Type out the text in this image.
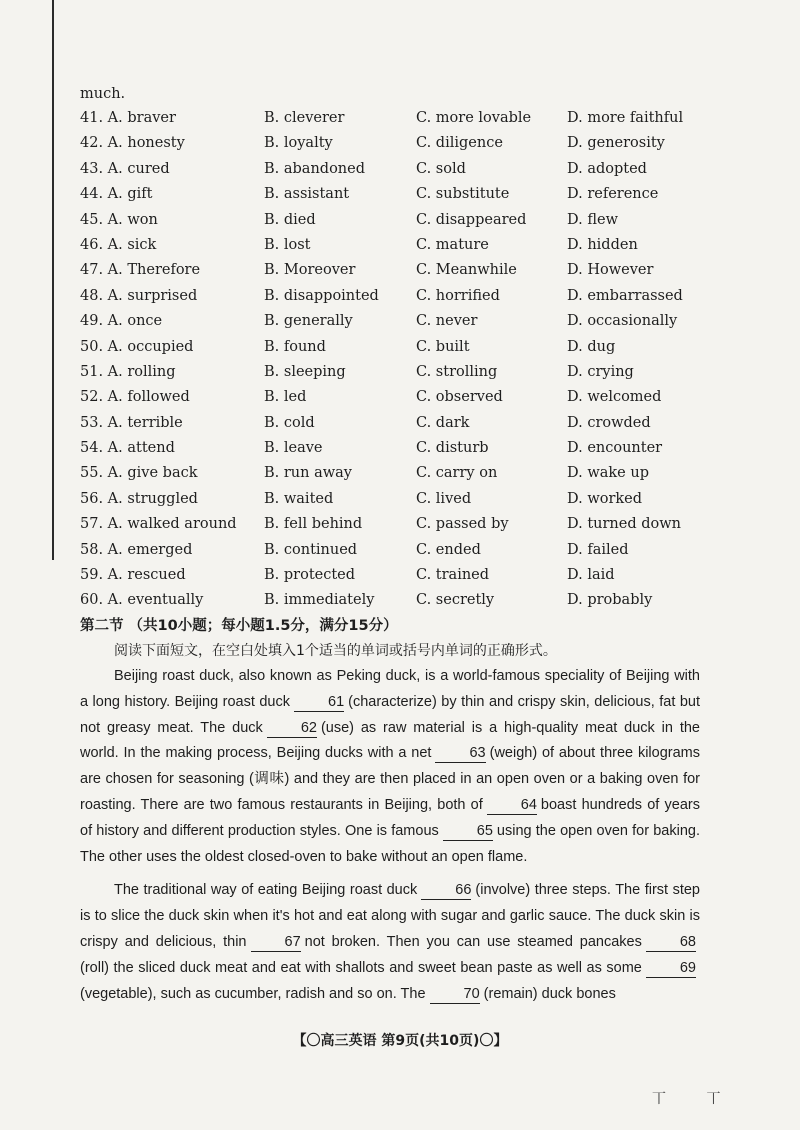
much.
41. A. braver	B. cleverer	C. more lovable D. more faithful
42. A. honesty	B. loyalty	C. diligence	D. generosity
43. A. cured	B. abandoned	C. sold	D. adopted
44. A. gift	B. assistant	C. substitute	D. reference
45. A. won	B. died	C. disappeared	D. flew
46. A. sick	B. lost	C. mature	D. hidden
47. A. Therefore	B. Moreover	C. Meanwhile	D. However
48. A. surprised	B. disappointed	C. horrified	D. embarrassed
49. A. once	B. generally	C. never	D. occasionally
50. A. occupied	B. found	C. built	D. dug
51. A. rolling	B. sleeping	C. strolling	D. crying
52. A. followed	B. led	C. observed	D. welcomed
53. A. terrible	B. cold	C. dark	D. crowded
54. A. attend	B. leave	C. disturb	D. encounter
55. A. give back	B. run away	C. carry on	D. wake up
56. A. struggled	B. waited	C. lived	D. worked
57. A. walked around B. fell behind	C. passed by	D. turned down
58. A. emerged	B. continued	C. ended	D. failed
59. A. rescued	B. protected	C. trained	D. laid
60. A. eventually	B. immediately	C. secretly	D. probably
第二节 （共10小题；每小题1.5分，满分15分）
阅读下面短文，在空白处填入1个适当的单词或括号内单词的正确形式。

Beijing roast duck, also known as Peking duck, is a world-famous speciality of Beijing with a long history. Beijing roast duck	61 (characterize) by thin and crispy skin, delicious, fat but not greasy meat. The duck	62 (use) as raw material is a high-quality meat duck in the world. In the making process, Beijing ducks with a net	63 (weigh) of about three kilograms are chosen for seasoning (调味) and they are then placed in an open oven or a baking oven for roasting. There are two famous restaurants in Beijing, both of	64 boast hundreds of years of history and different production styles. One is famous	65 using the open oven for baking. The other uses the oldest closed-oven to bake without an open flame.

The traditional way of eating Beijing roast duck	66 (involve) three steps. The first step is to slice the duck skin when it's hot and eat along with sugar and garlic sauce. The duck skin is crispy and delicious, thin	67 not broken. Then you can use steamed pancakes	68(roll) the sliced duck meat and eat with shallots and sweet bean paste as well as some	69(vegetable), such as cucumber, radish and so on. The	70 (remain) duck bones

【〇高三英语 第9页(共10页)〇】
丅 丅
